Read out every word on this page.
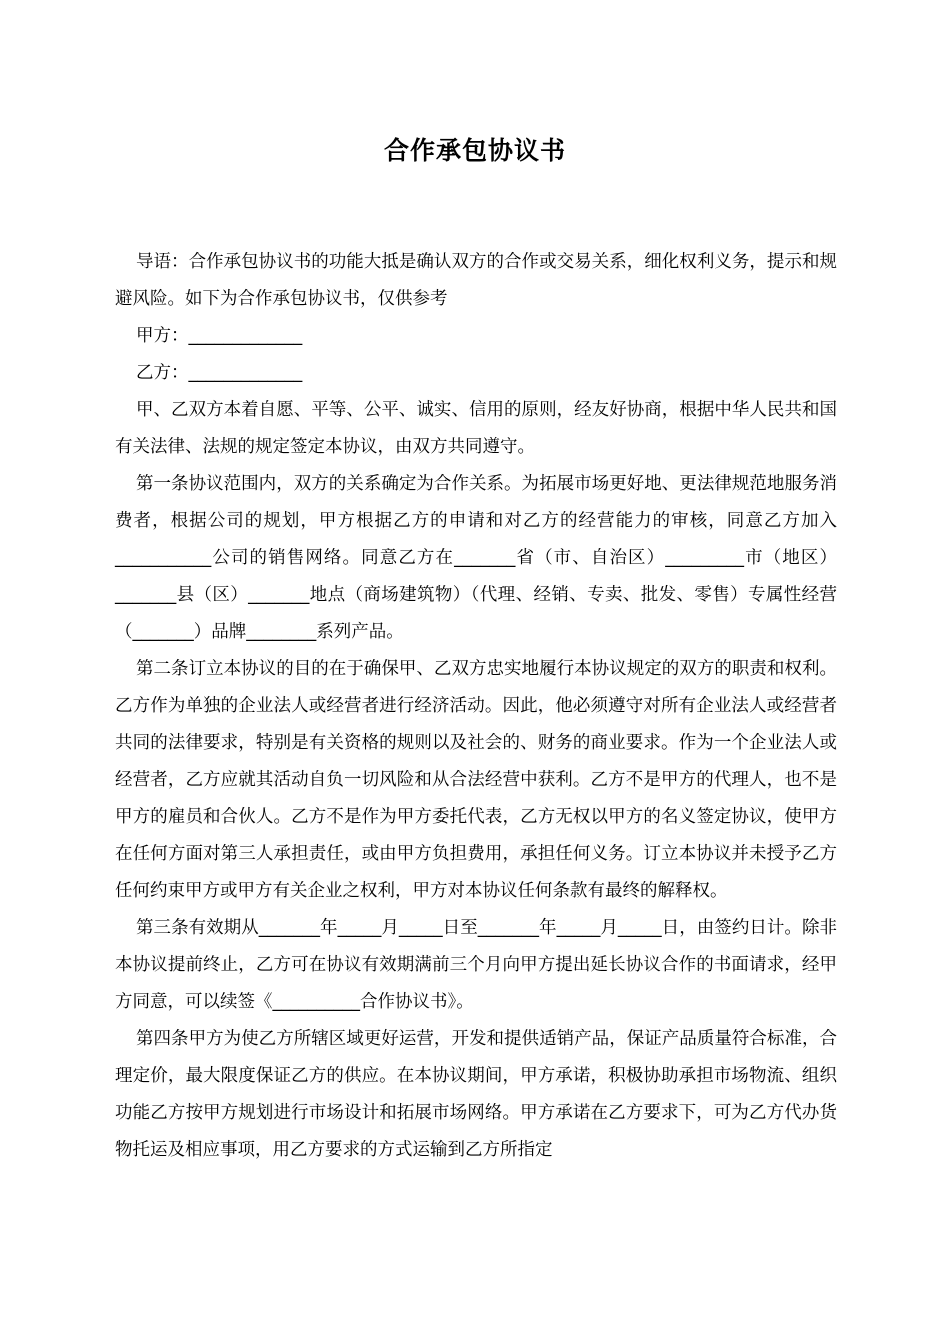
合作承包协议书

导语：合作承包协议书的功能大抵是确认双方的合作或交易关系，细化权利义务，提示和规避风险。如下为合作承包协议书，仅供参考

甲方：_____________

乙方：_____________

甲、乙双方本着自愿、平等、公平、诚实、信用的原则，经友好协商，根据中华人民共和国有关法律、法规的规定签定本协议，由双方共同遵守。

第一条协议范围内，双方的关系确定为合作关系。为拓展市场更好地、更法律规范地服务消费者，根据公司的规划，甲方根据乙方的申请和对乙方的经营能力的审核，同意乙方加入___________公司的销售网络。同意乙方在_______省（市、自治区）_________市（地区）_______县（区）_______地点（商场建筑物）（代理、经销、专卖、批发、零售）专属性经营（_______）品牌________系列产品。

第二条订立本协议的目的在于确保甲、乙双方忠实地履行本协议规定的双方的职责和权利。乙方作为单独的企业法人或经营者进行经济活动。因此，他必须遵守对所有企业法人或经营者共同的法律要求，特别是有关资格的规则以及社会的、财务的商业要求。作为一个企业法人或经营者，乙方应就其活动自负一切风险和从合法经营中获利。乙方不是甲方的代理人，也不是甲方的雇员和合伙人。乙方不是作为甲方委托代表，乙方无权以甲方的名义签定协议，使甲方在任何方面对第三人承担责任，或由甲方负担费用，承担任何义务。订立本协议并未授予乙方任何约束甲方或甲方有关企业之权利，甲方对本协议任何条款有最终的解释权。

第三条有效期从_______年_____月_____日至_______年_____月_____日，由签约日计。除非本协议提前终止，乙方可在协议有效期满前三个月向甲方提出延长协议合作的书面请求，经甲方同意，可以续签《__________合作协议书》。

第四条甲方为使乙方所辖区域更好运营，开发和提供适销产品，保证产品质量符合标准，合理定价，最大限度保证乙方的供应。在本协议期间，甲方承诺，积极协助承担市场物流、组织功能乙方按甲方规划进行市场设计和拓展市场网络。甲方承诺在乙方要求下，可为乙方代办货物托运及相应事项，用乙方要求的方式运输到乙方所指定
